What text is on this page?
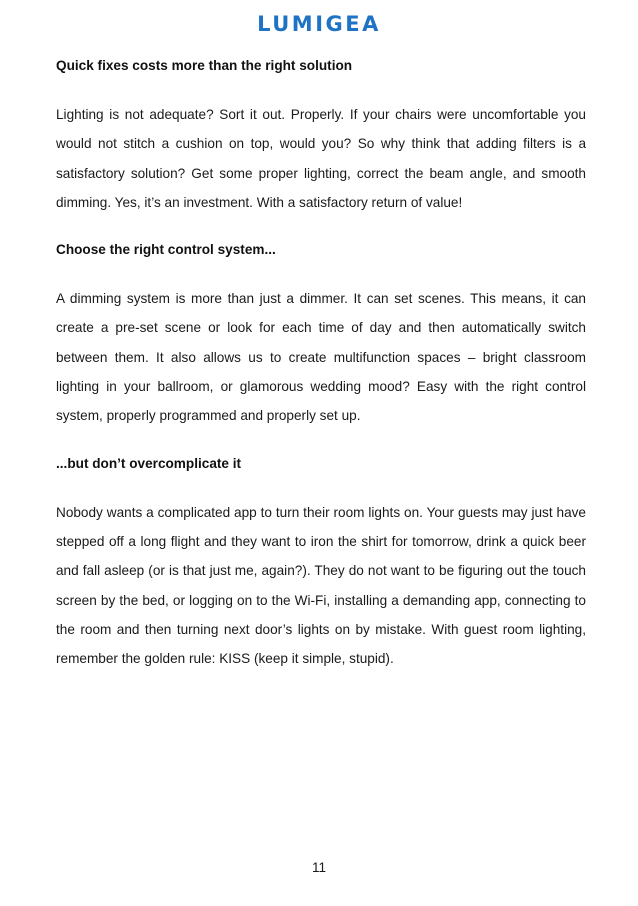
LUMIGEA

Quick fixes costs more than the right solution

Lighting is not adequate? Sort it out. Properly. If your chairs were uncomfortable you would not stitch a cushion on top, would you? So why think that adding filters is a satisfactory solution? Get some proper lighting, correct the beam angle, and smooth dimming. Yes, it’s an investment. With a satisfactory return of value!

Choose the right control system...

A dimming system is more than just a dimmer. It can set scenes. This means, it can create a pre-set scene or look for each time of day and then automatically switch between them. It also allows us to create multifunction spaces – bright classroom lighting in your ballroom, or glamorous wedding mood? Easy with the right control system, properly programmed and properly set up.

...but don’t overcomplicate it

Nobody wants a complicated app to turn their room lights on. Your guests may just have stepped off a long flight and they want to iron the shirt for tomorrow, drink a quick beer and fall asleep (or is that just me, again?). They do not want to be figuring out the touch screen by the bed, or logging on to the Wi-Fi, installing a demanding app, connecting to the room and then turning next door’s lights on by mistake. With guest room lighting, remember the golden rule: KISS (keep it simple, stupid).

11
